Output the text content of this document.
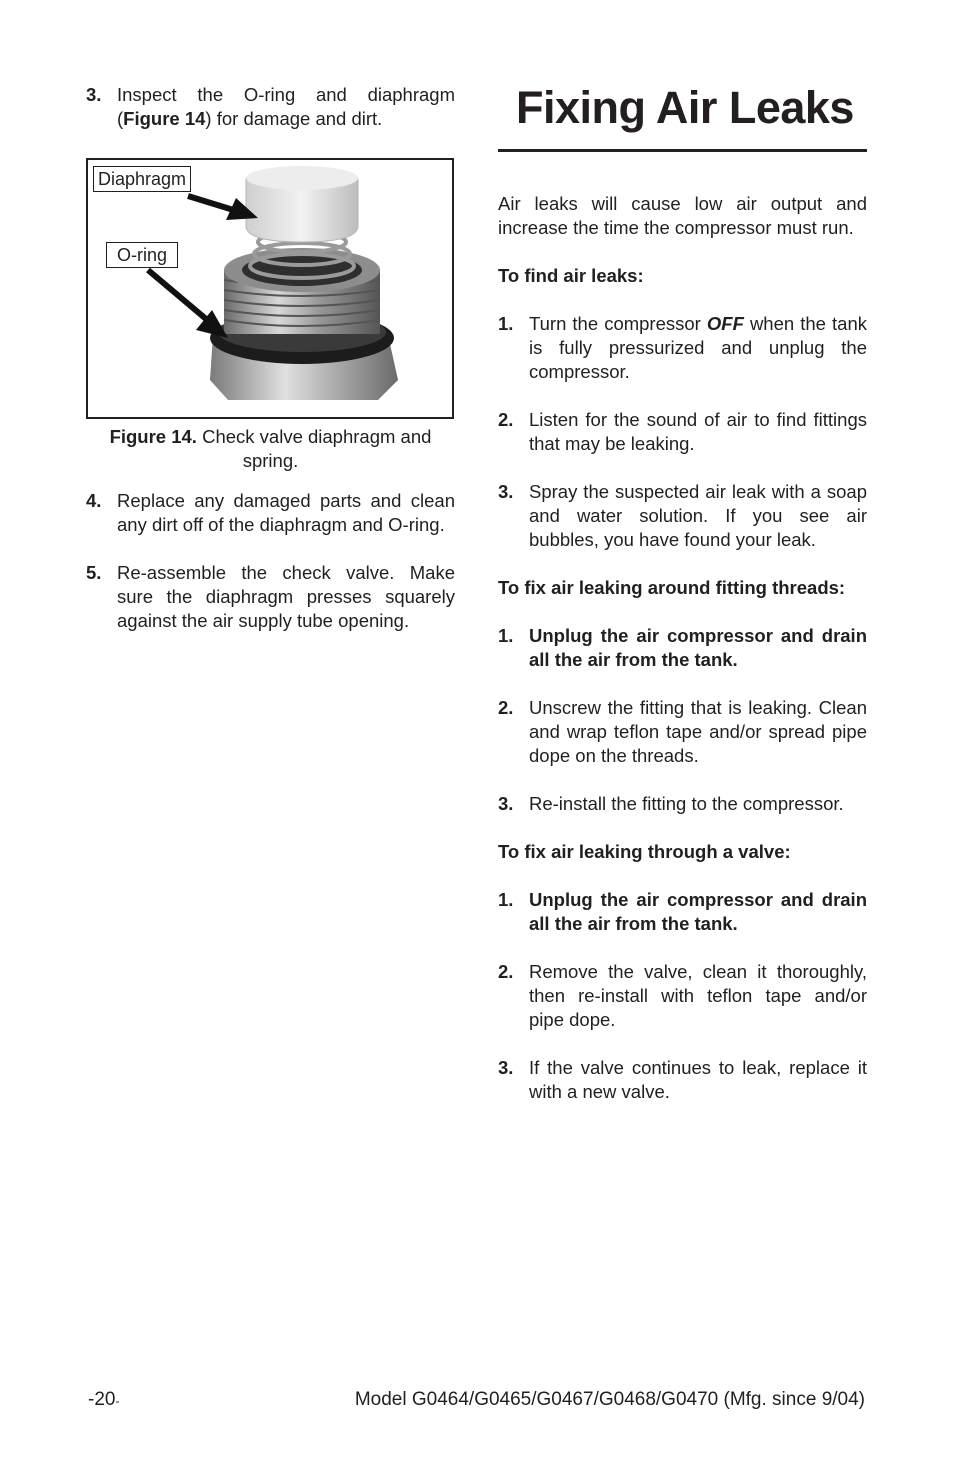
3. Inspect the O-ring and diaphragm (Figure 14) for damage and dirt.
Diaphragm
O-ring
Figure 14. Check valve diaphragm and spring.
4. Replace any damaged parts and clean any dirt off of the diaphragm and O-ring.
5. Re-assemble the check valve. Make sure the diaphragm presses squarely against the air supply tube opening.
Fixing Air Leaks

Air leaks will cause low air output and increase the time the compressor must run.

To find air leaks:

1. Turn the compressor OFF when the tank is fully pressurized and unplug the compressor.
2. Listen for the sound of air to find fittings that may be leaking.
3. Spray the suspected air leak with a soap and water solution. If you see air bubbles, you have found your leak.

To fix air leaking around fitting threads:

1. Unplug the air compressor and drain all the air from the tank.
2. Unscrew the fitting that is leaking. Clean and wrap teflon tape and/or spread pipe dope on the threads.
3. Re-install the fitting to the compressor.

To fix air leaking through a valve:

1. Unplug the air compressor and drain all the air from the tank.
2. Remove the valve, clean it thoroughly, then re-install with teflon tape and/or pipe dope.
3. If the valve continues to leak, replace it with a new valve.
-20-	Model G0464/G0465/G0467/G0468/G0470 (Mfg. since 9/04)
